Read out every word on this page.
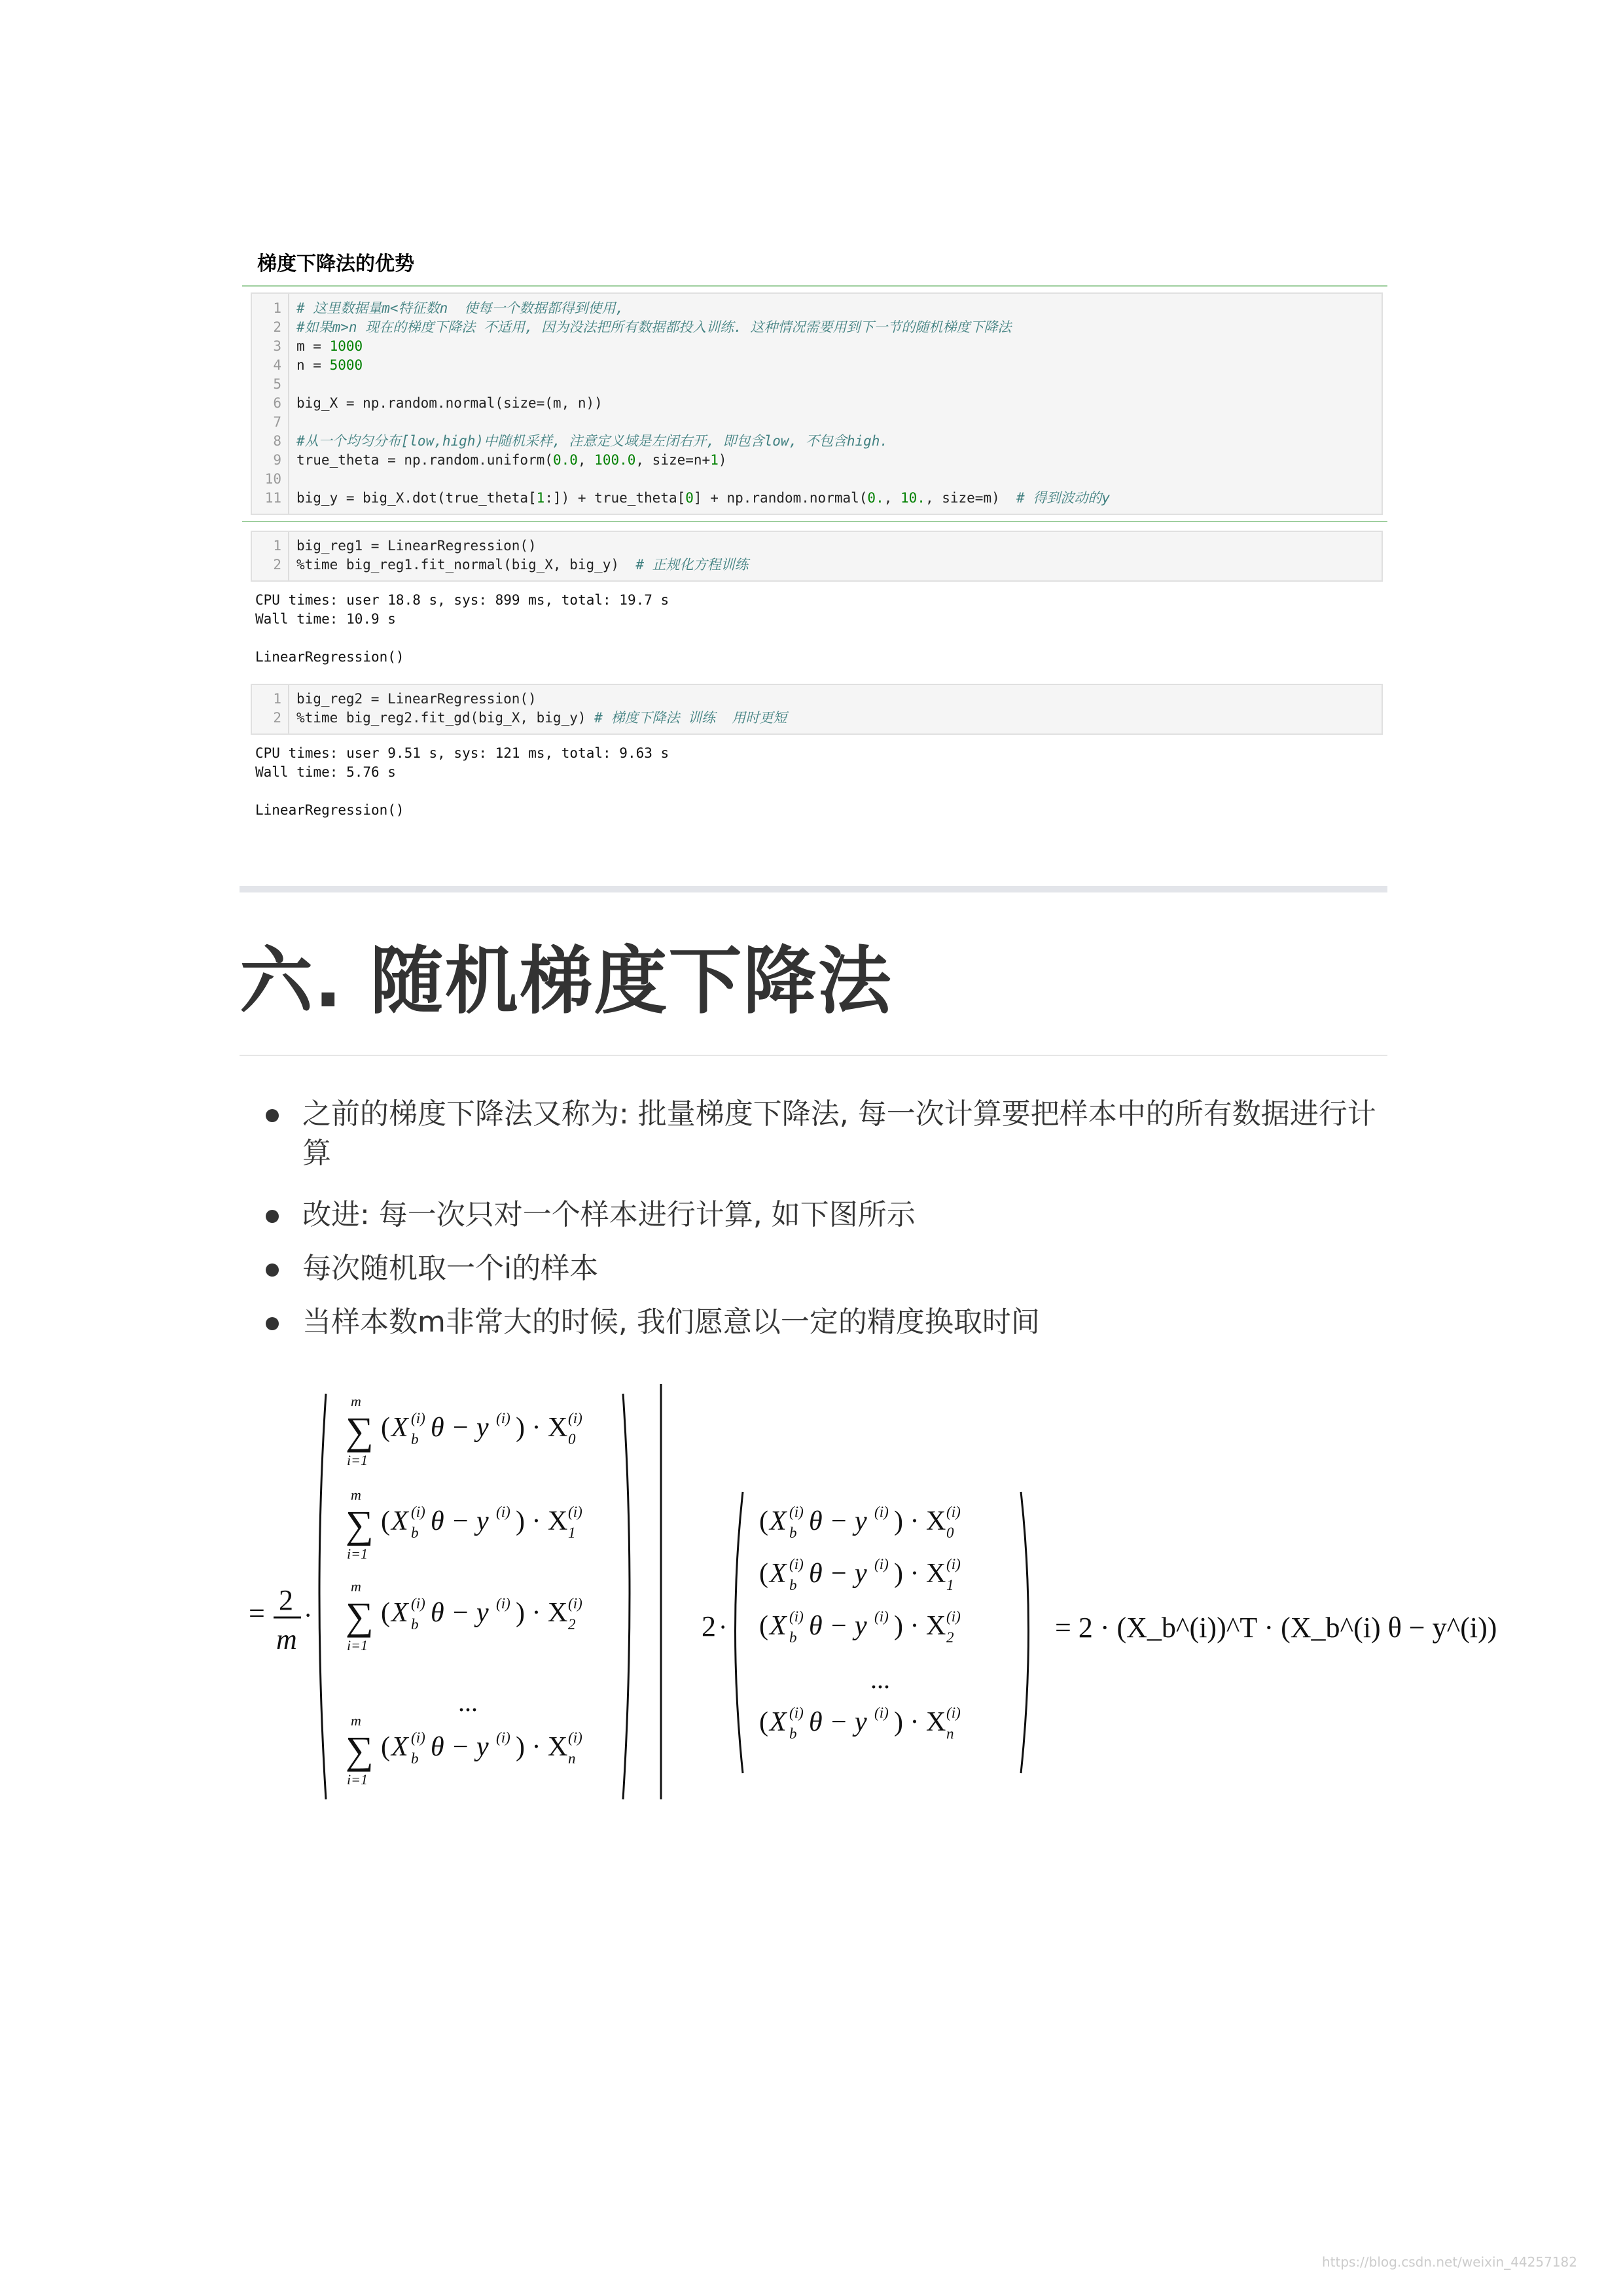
梯度下降法的优势
1 # 这里数据量m<特征数n  使每一个数据都得到使用,
2 #如果m>n 现在的梯度下降法 不适用, 因为没法把所有数据都投入训练. 这种情况需要用到下一节的随机梯度下降法
3 m = 1000
4 n = 5000
5
6 big_X = np.random.normal(size=(m, n))
7
8 #从一个均匀分布[low,high)中随机采样, 注意定义域是左闭右开, 即包含low, 不包含high.
9 true_theta = np.random.uniform(0.0, 100.0, size=n+1)
10
11 big_y = big_X.dot(true_theta[1:]) + true_theta[0] + np.random.normal(0., 10., size=m)  # 得到波动的y
1 big_reg1 = LinearRegression()
2 %time big_reg1.fit_normal(big_X, big_y)  # 正规化方程训练
CPU times: user 18.8 s, sys: 899 ms, total: 19.7 s
Wall time: 10.9 s
LinearRegression()
1 big_reg2 = LinearRegression()
2 %time big_reg2.fit_gd(big_X, big_y) # 梯度下降法 训练  用时更短
CPU times: user 9.51 s, sys: 121 ms, total: 9.63 s
Wall time: 5.76 s
LinearRegression()
六. 随机梯度下降法
之前的梯度下降法又称为: 批量梯度下降法, 每一次计算要把样本中的所有数据进行计算
改进: 每一次只对一个样本进行计算, 如下图所示
每次随机取一个i的样本
当样本数m非常大的时候, 我们愿意以一定的精度换取时间
= 2
m
·
m
∑
i=1
( X b
(i) θ − y (i) ) · X 0
(i)
m
∑
i=1
( X b
(i) θ − y (i) ) · X 1
(i)
m
∑
i=1
( X b
(i) θ − y (i) ) · X 2
(i)
m
∑
i=1
( X b
(i) θ − y (i) ) · X n
(i)
...
2 ·
( X b
(i) θ − y (i) ) · X 0
(i)
( X b
(i) θ − y (i) ) · X 1
(i)
( X b
(i) θ − y (i) ) · X 2
(i)
( X b
(i) θ − y (i) ) · X n
(i)
...
= 2 · (X_b^(i))^T · (X_b^(i) θ − y^(i))
https://blog.csdn.net/weixin_44257182
